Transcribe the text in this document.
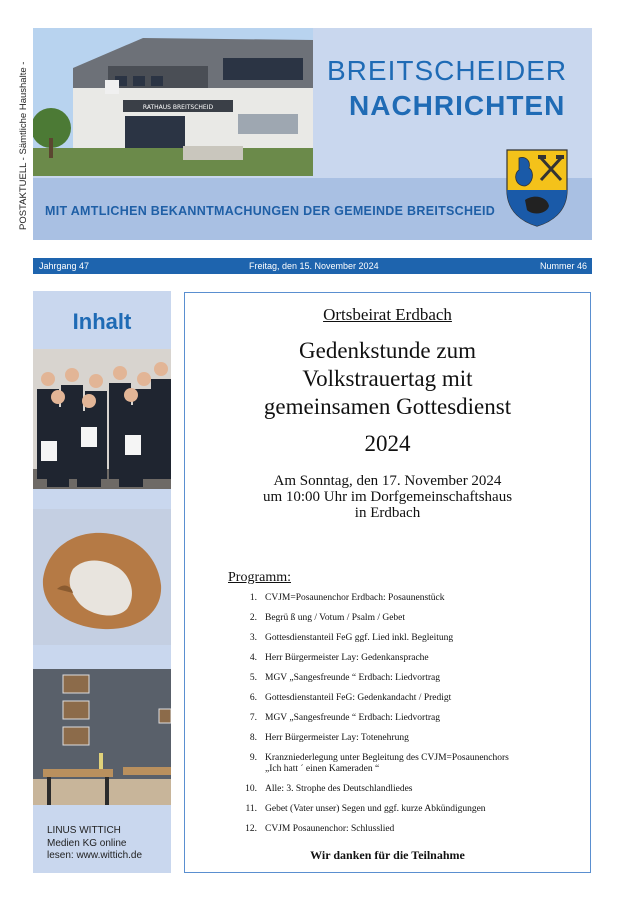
POSTAKTUELL - Sämtliche Haushalte -	RATHAUS BREITSCHEID
BREITSCHEIDER
NACHRICHTEN
MIT AMTLICHEN BEKANNTMACHUNGEN DER GEMEINDE BREITSCHEID
Jahrgang 47	Freitag, den 15. November 2024	Nummer 46
Inhalt
LINUS WITTICH
Medien KG online
lesen: www.wittich.de
Ortsbeirat Erdbach
Gedenkstunde zum
Volkstrauertag mit
gemeinsamen Gottesdienst
2024
Am Sonntag, den 17. November 2024
um 10:00 Uhr im Dorfgemeinschaftshaus
in Erdbach
Programm:
1. CVJM=Posaunenchor Erdbach: Posaunenstück
2. Begrü ß ung / Votum / Psalm / Gebet
3. Gottesdienstanteil FeG ggf. Lied inkl. Begleitung
4. Herr Bürgermeister Lay: Gedenkansprache
5. MGV „Sangesfreunde “ Erdbach: Liedvortrag
6. Gottesdienstanteil FeG: Gedenkandacht / Predigt
7. MGV „Sangesfreunde “ Erdbach: Liedvortrag
8. Herr Bürgermeister Lay: Totenehrung
9. Kranzniederlegung unter Begleitung des CVJM=Posaunenchors
„Ich hatt ´ einen Kameraden “
10. Alle: 3. Strophe des Deutschlandliedes
11. Gebet (Vater unser) Segen und ggf. kurze Abkündigungen
12. CVJM Posaunenchor: Schlusslied
Wir danken für die Teilnahme
